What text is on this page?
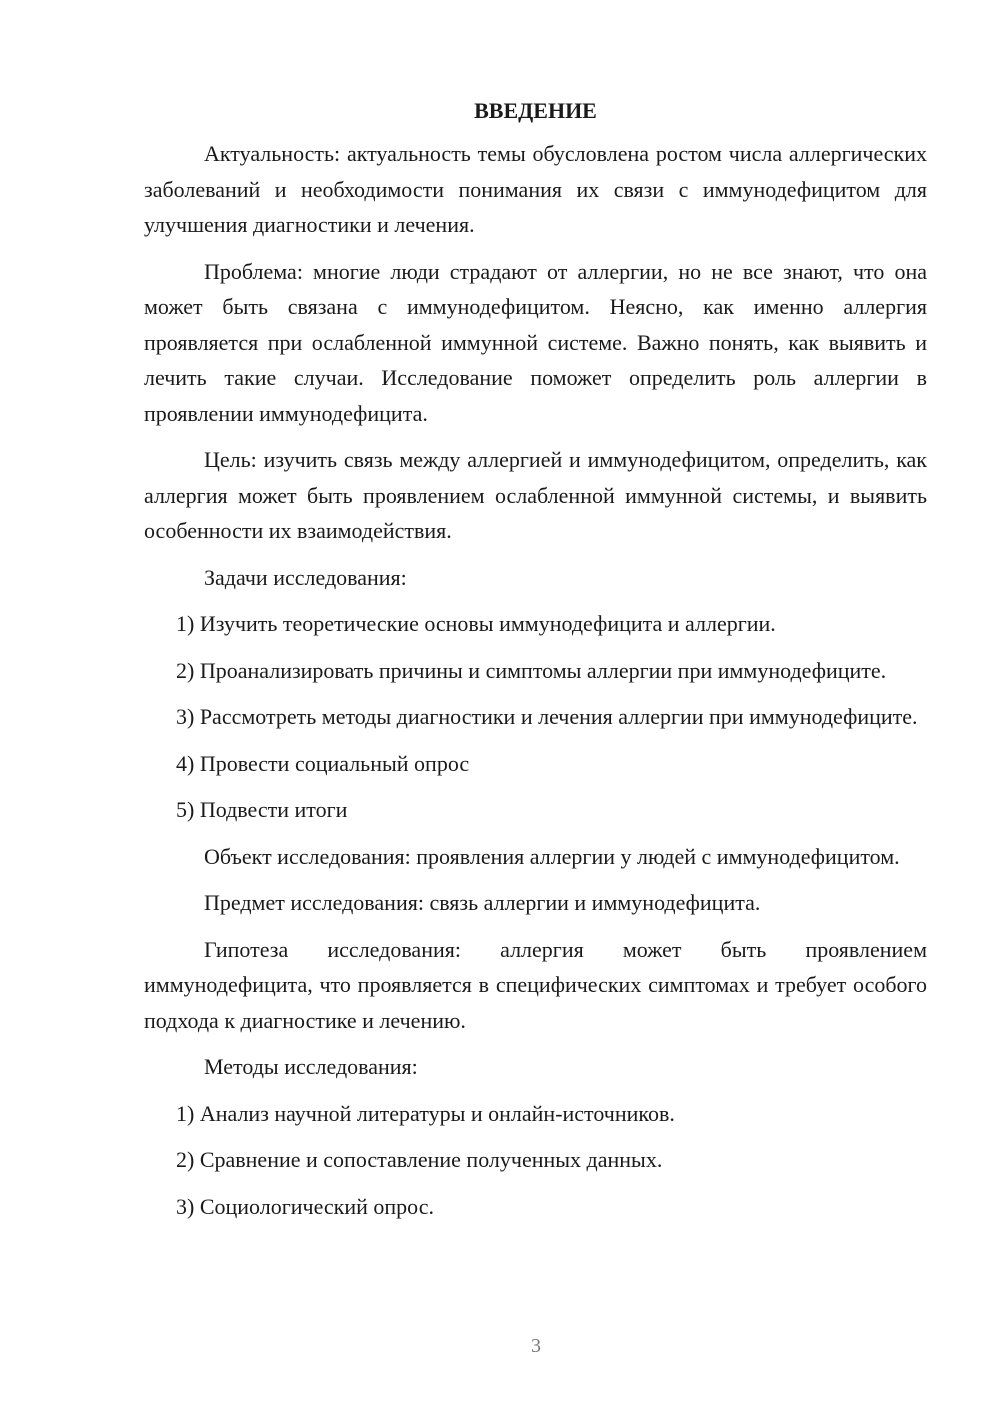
ВВЕДЕНИЕ

Актуальность: актуальность темы обусловлена ростом числа аллергических заболеваний и необходимости понимания их связи с иммунодефицитом для улучшения диагностики и лечения.

Проблема: многие люди страдают от аллергии, но не все знают, что она может быть связана с иммунодефицитом. Неясно, как именно аллергия проявляется при ослабленной иммунной системе. Важно понять, как выявить и лечить такие случаи. Исследование поможет определить роль аллергии в проявлении иммунодефицита.

Цель: изучить связь между аллергией и иммунодефицитом, определить, как аллергия может быть проявлением ослабленной иммунной системы, и выявить особенности их взаимодействия.

Задачи исследования:

1) Изучить теоретические основы иммунодефицита и аллергии.

2) Проанализировать причины и симптомы аллергии при иммунодефиците.

3) Рассмотреть методы диагностики и лечения аллергии при иммунодефиците.

4) Провести социальный опрос

5) Подвести итоги

Объект исследования: проявления аллергии у людей с иммунодефицитом.

Предмет исследования: связь аллергии и иммунодефицита.

Гипотеза исследования: аллергия может быть проявлением иммунодефицита, что проявляется в специфических симптомах и требует особого подхода к диагностике и лечению.

Методы исследования:

1) Анализ научной литературы и онлайн-источников.

2) Сравнение и сопоставление полученных данных.

3) Социологический опрос.

3
